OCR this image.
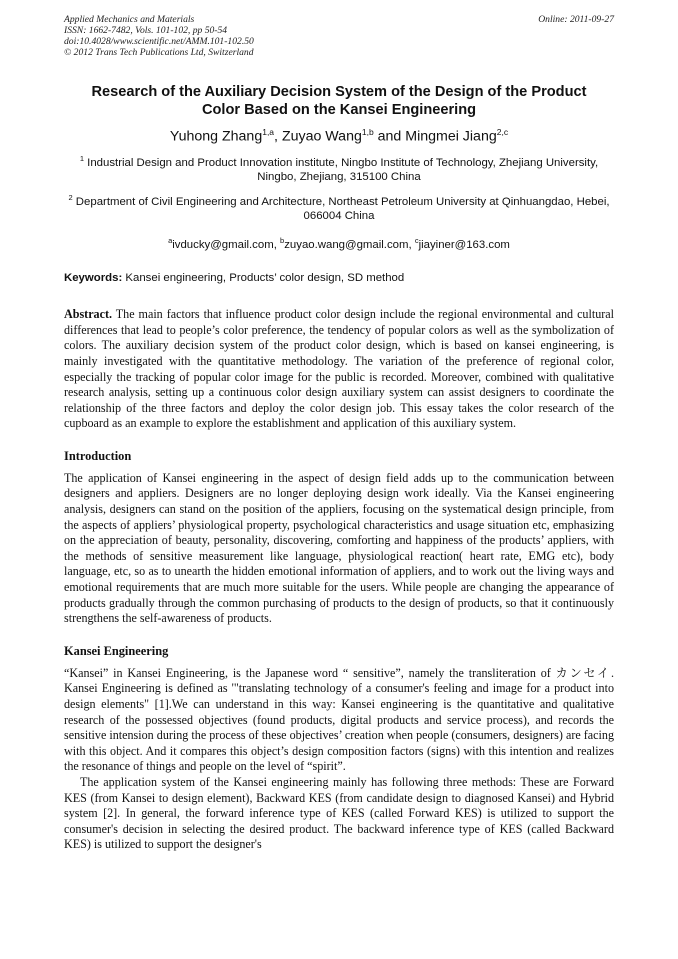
Applied Mechanics and Materials
ISSN: 1662-7482, Vols. 101-102, pp 50-54
doi:10.4028/www.scientific.net/AMM.101-102.50
© 2012 Trans Tech Publications Ltd, Switzerland
Online: 2011-09-27
Research of the Auxiliary Decision System of the Design of the Product Color Based on the Kansei Engineering
Yuhong Zhang$^{1,a}$, Zuyao Wang$^{1,b}$ and Mingmei Jiang$^{2,c}$
$^1$ Industrial Design and Product Innovation institute, Ningbo Institute of Technology, Zhejiang University, Ningbo, Zhejiang, 315100 China
$^2$ Department of Civil Engineering and Architecture, Northeast Petroleum University at Qinhuangdao, Hebei, 066004 China
$^a$ivducky@gmail.com, $^b$zuyao.wang@gmail.com, $^c$jiayiner@163.com
Keywords: Kansei engineering, Products’ color design, SD method

Abstract. The main factors that influence product color design include the regional environmental and cultural differences that lead to people’s color preference, the tendency of popular colors as well as the symbolization of colors. The auxiliary decision system of the product color design, which is based on kansei engineering, is mainly investigated with the quantitative methodology. The variation of the preference of regional color, especially the tracking of popular color image for the public is recorded. Moreover, combined with qualitative research analysis, setting up a continuous color design auxiliary system can assist designers to coordinate the relationship of the three factors and deploy the color design job. This essay takes the color research of the cupboard as an example to explore the establishment and application of this auxiliary system.

Introduction

The application of Kansei engineering in the aspect of design field adds up to the communication between designers and appliers. Designers are no longer deploying design work ideally. Via the Kansei engineering analysis, designers can stand on the position of the appliers, focusing on the systematical design principle, from the aspects of appliers’ physiological property, psychological characteristics and usage situation etc, emphasizing on the appreciation of beauty, personality, discovering, comforting and happiness of the products’ appliers, with the methods of sensitive measurement like language, physiological reaction( heart rate, EMG etc), body language, etc, so as to unearth the hidden emotional information of appliers, and to work out the living ways and emotional requirements that are much more suitable for the users. While people are changing the appearance of products gradually through the common purchasing of products to the design of products, so that it continuously strengthens the self-awareness of products.

Kansei Engineering

“Kansei” in Kansei Engineering, is the Japanese word “ sensitive”, namely the transliteration of カンセイ. Kansei Engineering is defined as '"translating technology of a consumer's feeling and image for a product into design elements" [1].We can understand in this way: Kansei engineering is the quantitative and qualitative research of the possessed objectives (found products, digital products and service process), and records the sensitive intension during the process of these objectives’ creation when people (consumers, designers) are facing with this object. And it compares this object’s design composition factors (signs) with this intention and realizes the resonance of things and people on the level of “spirit”.

The application system of the Kansei engineering mainly has following three methods: These are Forward KES (from Kansei to design element), Backward KES (from candidate design to diagnosed Kansei) and Hybrid system [2]. In general, the forward inference type of KES (called Forward KES) is utilized to support the consumer's decision in selecting the desired product. The backward inference type of KES (called Backward KES) is utilized to support the designer's
